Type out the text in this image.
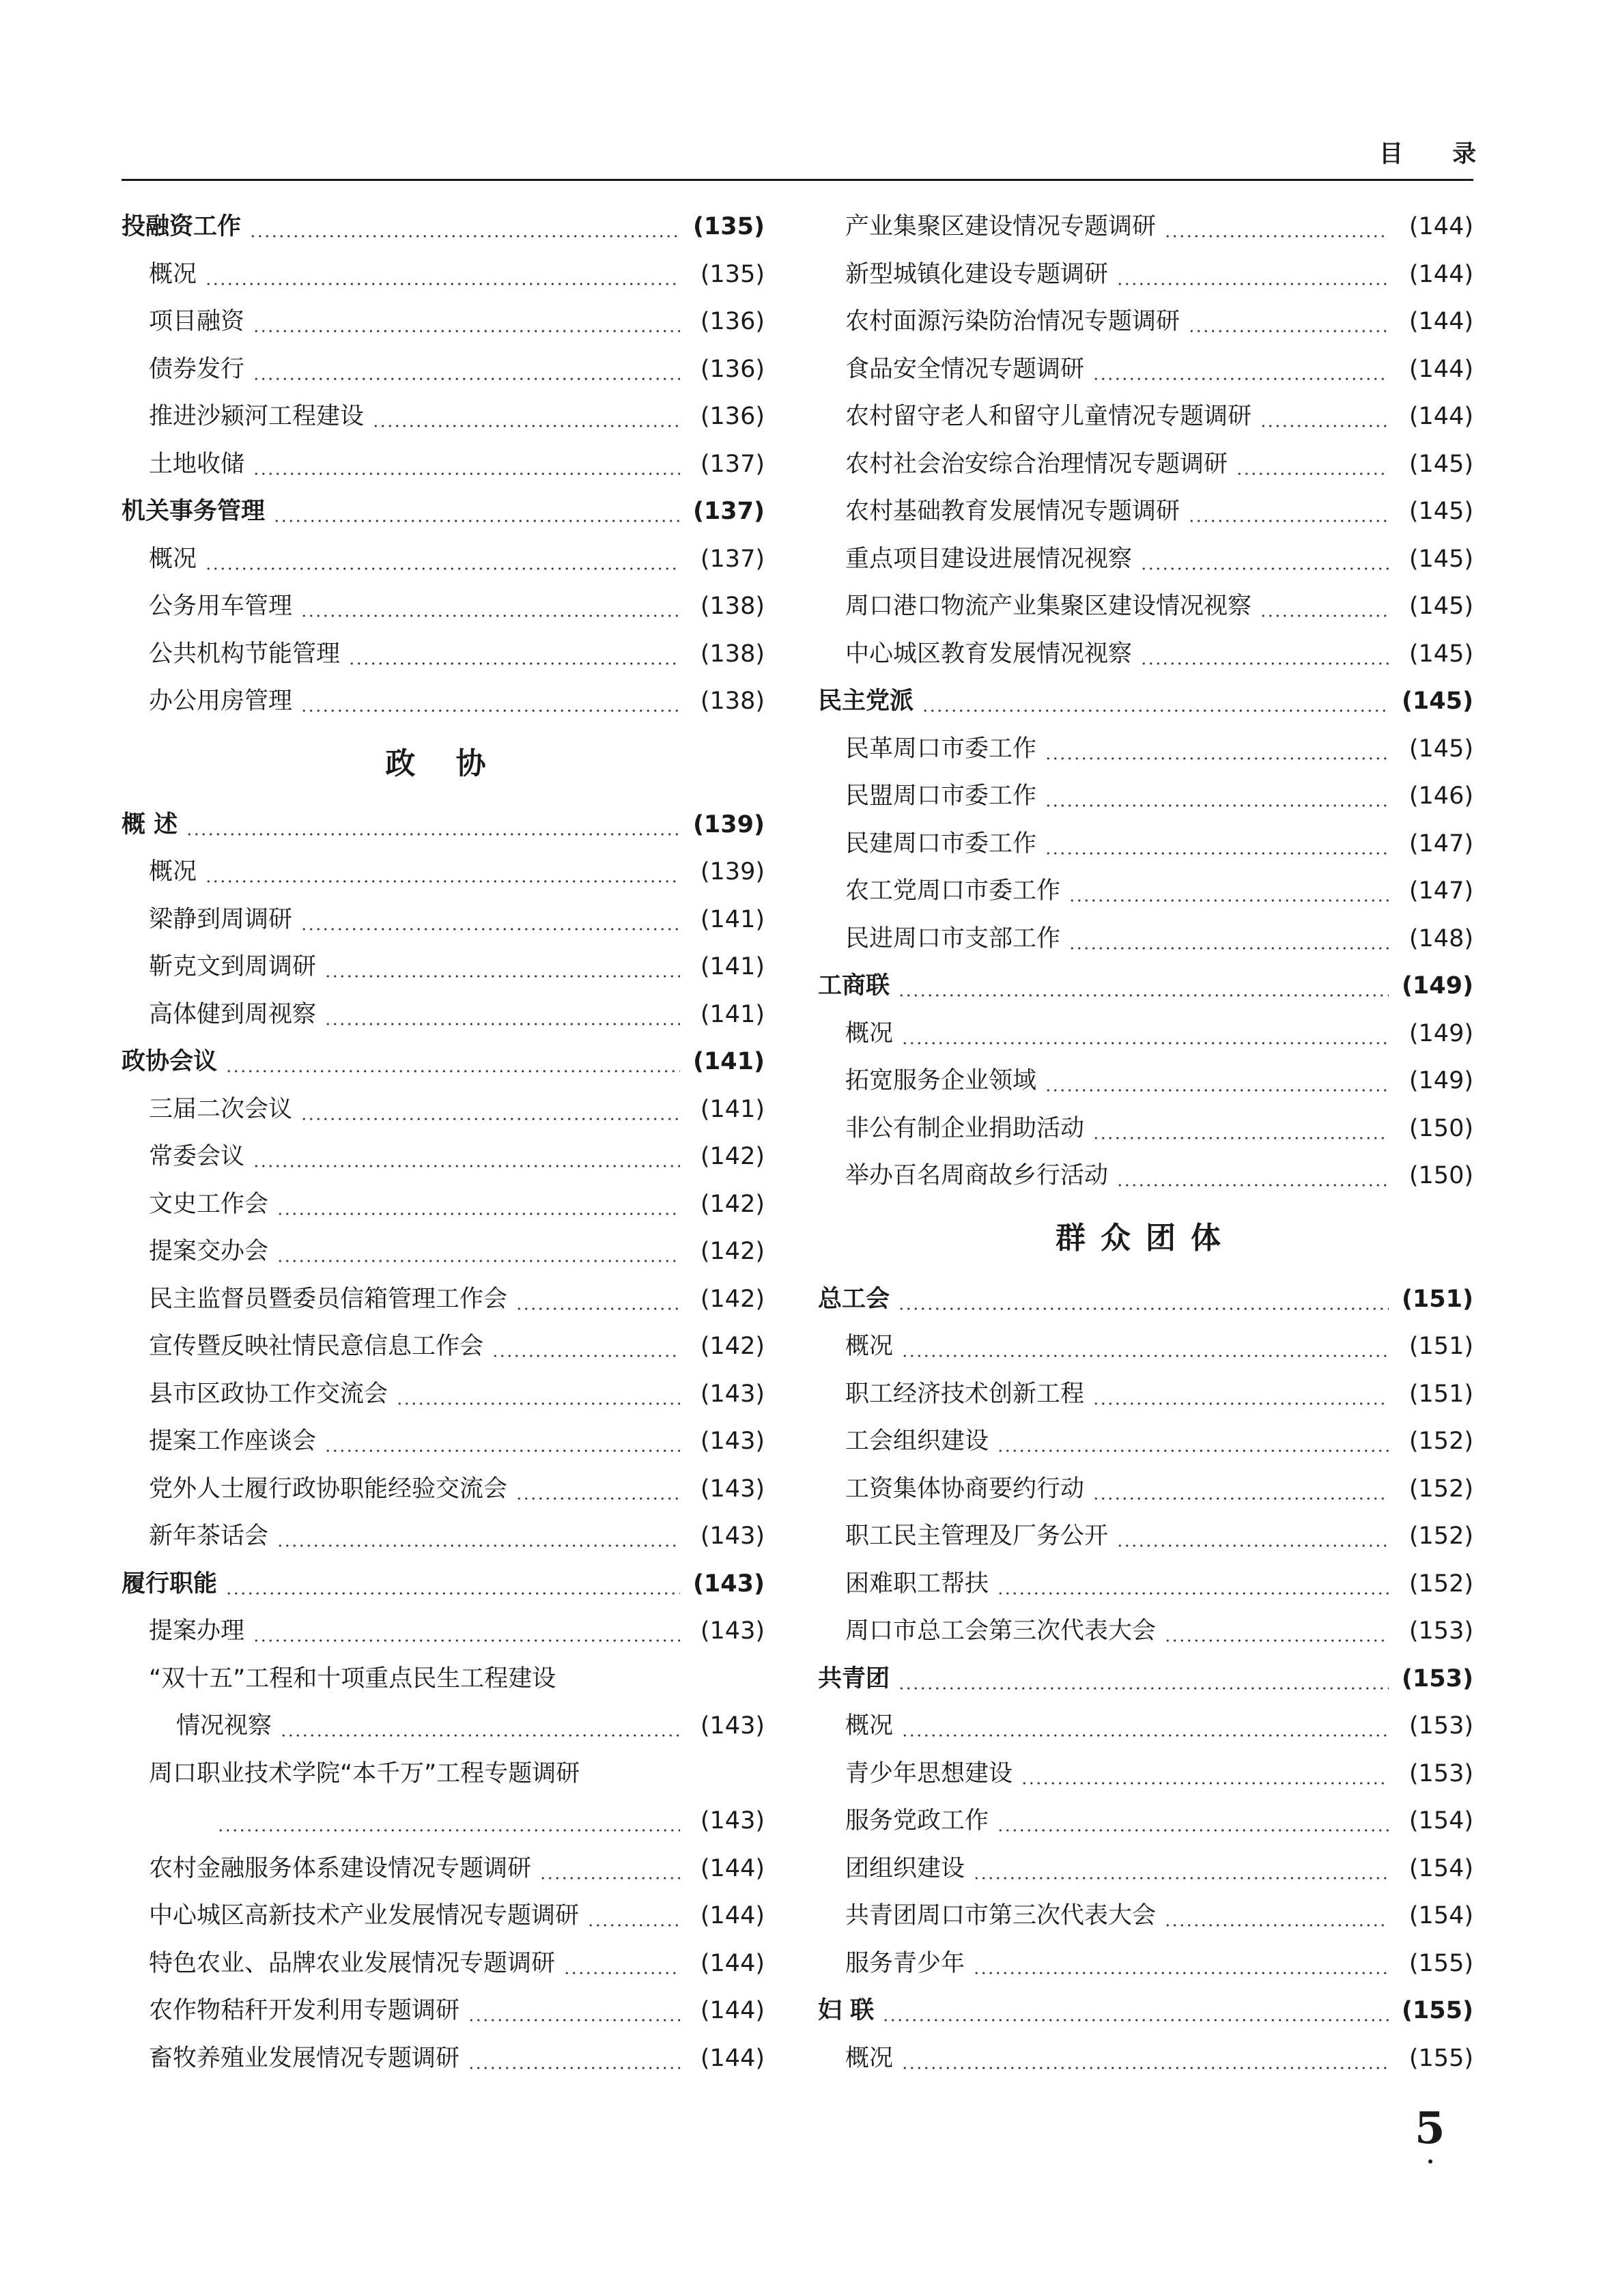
目 录
投融资工作	(135)
概况	(135)
项目融资	(136)
债券发行	(136)
推进沙颍河工程建设	(136)
土地收储	(137)
机关事务管理	(137)
概况	(137)
公务用车管理	(138)
公共机构节能管理	(138)
办公用房管理	(138)
政 协
概 述	(139)
概况	(139)
梁静到周调研	(141)
靳克文到周调研	(141)
高体健到周视察	(141)
政协会议	(141)
三届二次会议	(141)
常委会议	(142)
文史工作会	(142)
提案交办会	(142)
民主监督员暨委员信箱管理工作会	(142)
宣传暨反映社情民意信息工作会	(142)
县市区政协工作交流会	(143)
提案工作座谈会	(143)
党外人士履行政协职能经验交流会	(143)
新年茶话会	(143)
履行职能	(143)
提案办理	(143)
“双十五”工程和十项重点民生工程建设
情况视察	(143)
周口职业技术学院“本千万”工程专题调研
(143)
农村金融服务体系建设情况专题调研	(144)
中心城区高新技术产业发展情况专题调研	(144)
特色农业、品牌农业发展情况专题调研	(144)
农作物秸秆开发利用专题调研	(144)
畜牧养殖业发展情况专题调研	(144)
产业集聚区建设情况专题调研	(144)
新型城镇化建设专题调研	(144)
农村面源污染防治情况专题调研	(144)
食品安全情况专题调研	(144)
农村留守老人和留守儿童情况专题调研	(144)
农村社会治安综合治理情况专题调研	(145)
农村基础教育发展情况专题调研	(145)
重点项目建设进展情况视察	(145)
周口港口物流产业集聚区建设情况视察	(145)
中心城区教育发展情况视察	(145)
民主党派	(145)
民革周口市委工作	(145)
民盟周口市委工作	(146)
民建周口市委工作	(147)
农工党周口市委工作	(147)
民进周口市支部工作	(148)
工商联	(149)
概况	(149)
拓宽服务企业领域	(149)
非公有制企业捐助活动	(150)
举办百名周商故乡行活动	(150)
群众团体
总工会	(151)
概况	(151)
职工经济技术创新工程	(151)
工会组织建设	(152)
工资集体协商要约行动	(152)
职工民主管理及厂务公开	(152)
困难职工帮扶	(152)
周口市总工会第三次代表大会	(153)
共青团	(153)
概况	(153)
青少年思想建设	(153)
服务党政工作	(154)
团组织建设	(154)
共青团周口市第三次代表大会	(154)
服务青少年	(155)
妇 联	(155)
概况	(155)
5
